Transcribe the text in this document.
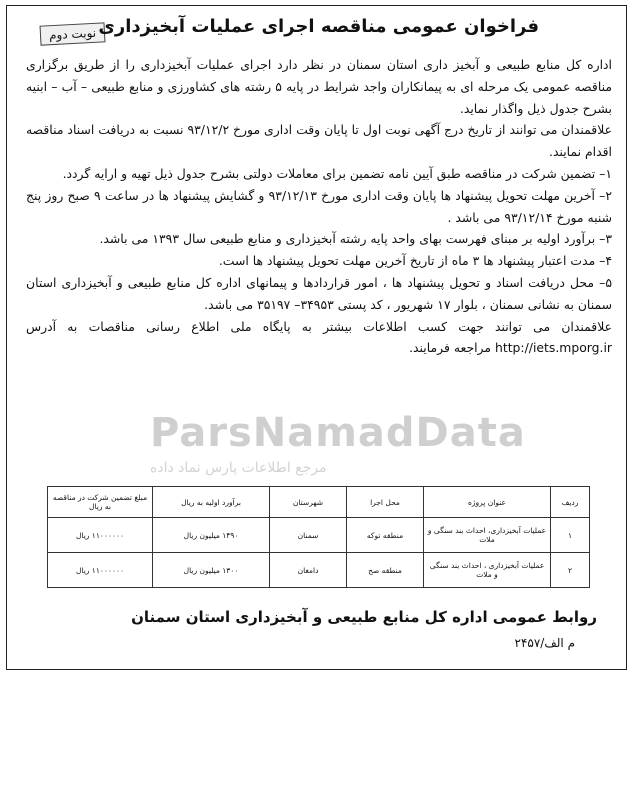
نوبت دوم فراخوان عمومی مناقصه اجرای عملیات آبخیزداری
ParsNamadData
مرجع اطلاعات پارس نماد داده

اداره کل منابع طبیعی و آبخیز داری استان سمنان در نظر دارد اجرای عملیات آبخیزداری را از طریق برگزاری مناقصه عمومی یک مرحله ای به پیمانکاران واجد شرایط در پایه ۵ رشته های کشاورزی و منابع طبیعی – آب – ابنیه بشرح جدول ذیل واگذار نماید.

علاقمندان می توانند از تاریخ درج آگهی نوبت اول تا پایان وقت اداری مورخ ۹۳/۱۲/۲ نسبت به دریافت اسناد مناقصه اقدام نمایند.

۱– تضمین شرکت در مناقصه طبق آیین نامه تضمین برای معاملات دولتی بشرح جدول ذیل تهیه و ارایه گردد.

۲– آخرین مهلت تحویل پیشنهاد ها پایان وقت اداری مورخ ۹۳/۱۲/۱۳ و گشایش پیشنهاد ها در ساعت ۹ صبح روز پنج شنبه مورخ ۹۳/۱۲/۱۴ می باشد .

۳– برآورد اولیه بر مبنای فهرست بهای واحد پایه رشته آبخیزداری و منابع طبیعی سال ۱۳۹۳ می باشد.

۴– مدت اعتبار پیشنهاد ها ۳ ماه از تاریخ آخرین مهلت تحویل پیشنهاد ها است.

۵– محل دریافت اسناد و تحویل پیشنهاد ها ، امور قراردادها و پیمانهای اداره کل منابع طبیعی و آبخیزداری استان سمنان به نشانی سمنان ، بلوار ۱۷ شهریور ، کد پستی ۳۴۹۵۳– ۳۵۱۹۷ می باشد.

علاقمندان می توانند جهت کسب اطلاعات بیشتر به پایگاه ملی اطلاع رسانی مناقصات به آدرس http://iets.mporg.ir مراجعه فرمایند.

ردیف	عنوان پروژه	محل اجرا	شهرستان	برآورد اولیه به ریال	مبلغ تضمین شرکت در مناقصه به ریال
۱	عملیات آبخیزداری، احداث بند سنگی و ملات	منطقه توکه	سمنان	۱۴۹۰ میلیون ریال	۱۱۰۰۰۰۰۰ ریال
۲	عملیات آبخیزداری ، احداث بند سنگی و ملات	منطقه صح	دامغان	۱۳۰۰ میلیون ریال	۱۱۰۰۰۰۰۰ ریال
روابط عمومی اداره کل منابع طبیعی و آبخیزداری استان سمنان
م الف/۲۴۵۷
